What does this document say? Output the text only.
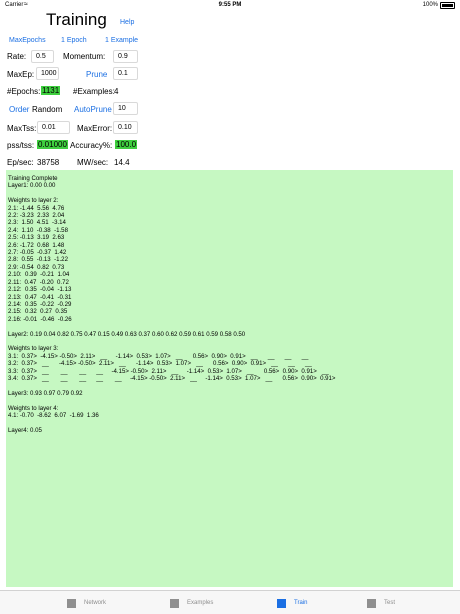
Carrier ≈	9:55 PM	100%
Training Help
MaxEpochs 1 Epoch	1 Example
Rate:	0.5	Momentum:	0.9
MaxEp: 1000	Prune	0.1
#Epochs: 1131 #Examples: 4
Order Random AutoPrune 10
MaxTss: 0.01	MaxError: 0.10
pss/tss: 0.01000 Accuracy%: 100.0
Ep/sec: 38758 MW/sec: 14.4
Training Complete
Layer1: 0.00 0.00

Weights to layer 2:
2.1: -1.44  5.56  4.76
2.2: -3.23  2.33  2.04
2.3:  1.50  4.51  -3.14
2.4:  1.10  -0.38  -1.58
2.5: -0.13  3.19  2.63
2.6: -1.72  0.68  1.48
2.7: -0.05  -0.37  1.42
2.8:  0.55  -0.13  -1.22
2.9: -0.54  0.82  0.73
2.10:  0.39  -0.21  1.04
2.11:  0.47  -0.20  0.72
2.12:  0.35  -0.04  -1.13
2.13:  0.47  -0.41  -0.31
2.14:  0.35  -0.22  -0.29
2.15:  0.32  0.27  0.35
2.16: -0.01  -0.46  -0.26

Layer2: 0.19 0.04 0.82 0.75 0.47 0.15 0.49 0.63 0.37 0.60 0.62 0.59 0.61 0.59 0.58 0.50

Weights to layer 3:
3.1:  0.37>  -4.15> -0.50>  2.11>   __     -1.14>  0.53>  1.07>   __      0.56>  0.90>  0.91>   __      __      __      __
3.2:  0.37>   __      -4.15> -0.50>  2.11>   __      -1.14>  0.53>  1.07>   __      0.56>  0.90>  0.91>   __      __      __
3.3:  0.37>   __       __       __      __     -4.15> -0.50>  2.11>   __     -1.14>  0.53>  1.07>   __      0.56>  0.90>  0.91>   __
3.4:  0.37>   __       __       __      __       __     -4.15> -0.50>  2.11>   __     -1.14>  0.53>  1.07>   __      0.56>  0.90>  0.91>

Layer3: 0.93 0.97 0.79 0.92

Weights to layer 4:
4.1: -0.70  -8.62  6.07  -1.69  1.36

Layer4: 0.05
Network	Examples	Train	Test
